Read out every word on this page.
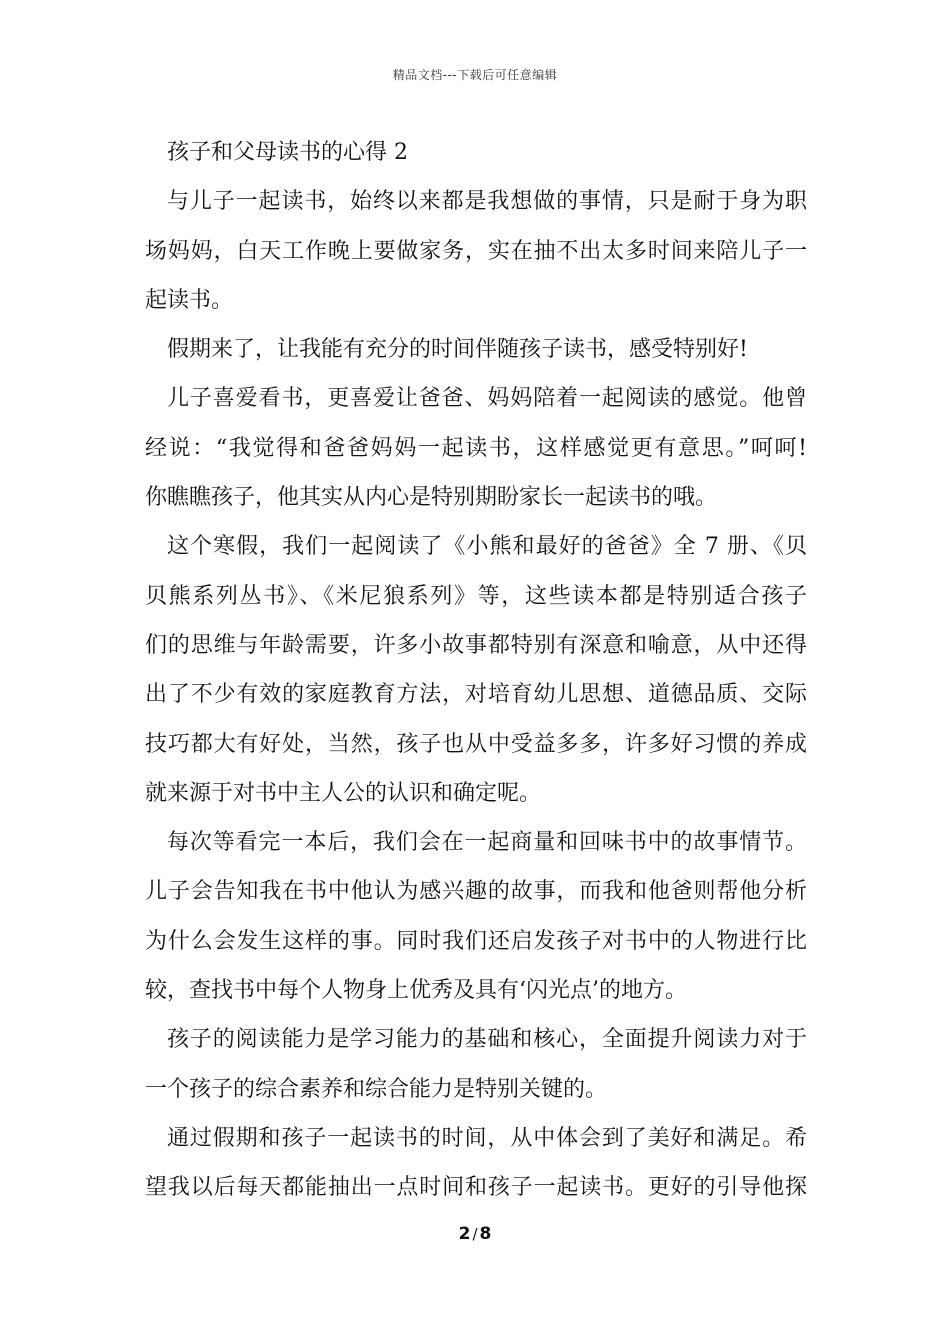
精品文档---下载后可任意编辑
孩子和父母读书的心得 2
与儿子一起读书，始终以来都是我想做的事情，只是耐于身为职
场妈妈，白天工作晚上要做家务，实在抽不出太多时间来陪儿子一
起读书。
假期来了，让我能有充分的时间伴随孩子读书，感受特别好!
儿子喜爱看书，更喜爱让爸爸、妈妈陪着一起阅读的感觉。他曾
经说：“我觉得和爸爸妈妈一起读书，这样感觉更有意思。”呵呵!
你瞧瞧孩子，他其实从内心是特别期盼家长一起读书的哦。
这个寒假，我们一起阅读了《小熊和最好的爸爸》全 7 册、《贝
贝熊系列丛书》、《米尼狼系列》等，这些读本都是特别适合孩子
们的思维与年龄需要，许多小故事都特别有深意和喻意，从中还得
出了不少有效的家庭教育方法，对培育幼儿思想、道德品质、交际
技巧都大有好处，当然，孩子也从中受益多多，许多好习惯的养成
就来源于对书中主人公的认识和确定呢。
每次等看完一本后，我们会在一起商量和回味书中的故事情节。
儿子会告知我在书中他认为感兴趣的故事，而我和他爸则帮他分析
为什么会发生这样的事。同时我们还启发孩子对书中的人物进行比
较，查找书中每个人物身上优秀及具有‘闪光点’的地方。
孩子的阅读能力是学习能力的基础和核心，全面提升阅读力对于
一个孩子的综合素养和综合能力是特别关键的。
通过假期和孩子一起读书的时间，从中体会到了美好和满足。希
望我以后每天都能抽出一点时间和孩子一起读书。更好的引导他探
2 / 8
